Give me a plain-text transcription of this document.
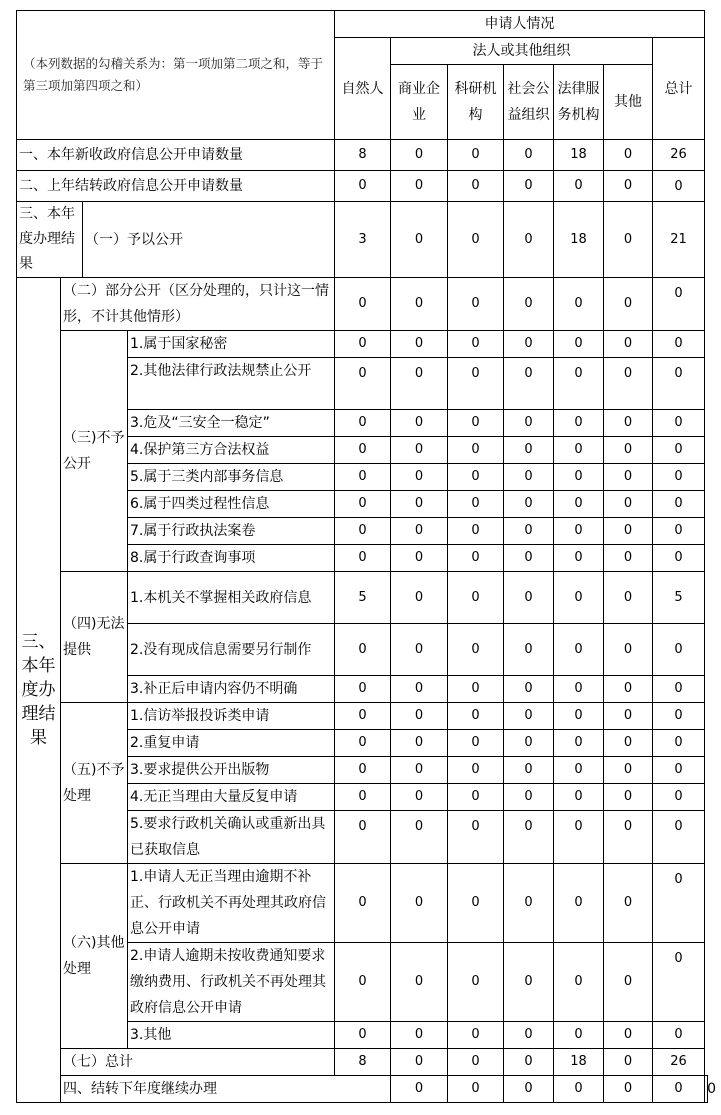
（本列数据的勾稽关系为：第一项加第二项之和，等于第三项加第四项之和）				申请人情况							
				自然人	法人或其他组织					总计	
					商业企业	科研机构	社会公益组织	法律服务机构	其他		
一、本年新收政府信息公开申请数量				8	0	0	0	18	0	26	
二、上年结转政府信息公开申请数量				0	0	0	0	0	0	0	
三、本年度办理结果		（一）予以公开		3	0	0	0	18	0	21	
三、本年度办理结果	（二）部分公开（区分处理的，只计这一情形，不计其他情形）			0	0	0	0	0	0	0	
	（三)不予公开		1.属于国家秘密	0	0	0	0	0	0	0	
			2.其他法律行政法规禁止公开	0	0	0	0	0	0	0	
			3.危及“三安全一稳定”	0	0	0	0	0	0	0	
			4.保护第三方合法权益	0	0	0	0	0	0	0	
			5.属于三类内部事务信息	0	0	0	0	0	0	0	
			6.属于四类过程性信息	0	0	0	0	0	0	0	
			7.属于行政执法案卷	0	0	0	0	0	0	0	
			8.属于行政查询事项	0	0	0	0	0	0	0	
	（四)无法提供		1.本机关不掌握相关政府信息	5	0	0	0	0	0	5	
			2.没有现成信息需要另行制作	0	0	0	0	0	0	0	
			3.补正后申请内容仍不明确	0	0	0	0	0	0	0	
	（五)不予处理		1.信访举报投诉类申请	0	0	0	0	0	0	0	
			2.重复申请	0	0	0	0	0	0	0	
			3.要求提供公开出版物	0	0	0	0	0	0	0	
			4.无正当理由大量反复申请	0	0	0	0	0	0	0	
			5.要求行政机关确认或重新出具已获取信息	0	0	0	0	0	0	0	
	（六)其他处理		1.申请人无正当理由逾期不补正、行政机关不再处理其政府信息公开申请	0	0	0	0	0	0	0	
			2.申请人逾期未按收费通知要求缴纳费用、行政机关不再处理其政府信息公开申请	0	0	0	0	0	0	0	
			3.其他	0	0	0	0	0	0	0	
	（七）总计			8	0	0	0	18	0	26	
	四、结转下年度继续办理				0	0	0	0	0	0	0
